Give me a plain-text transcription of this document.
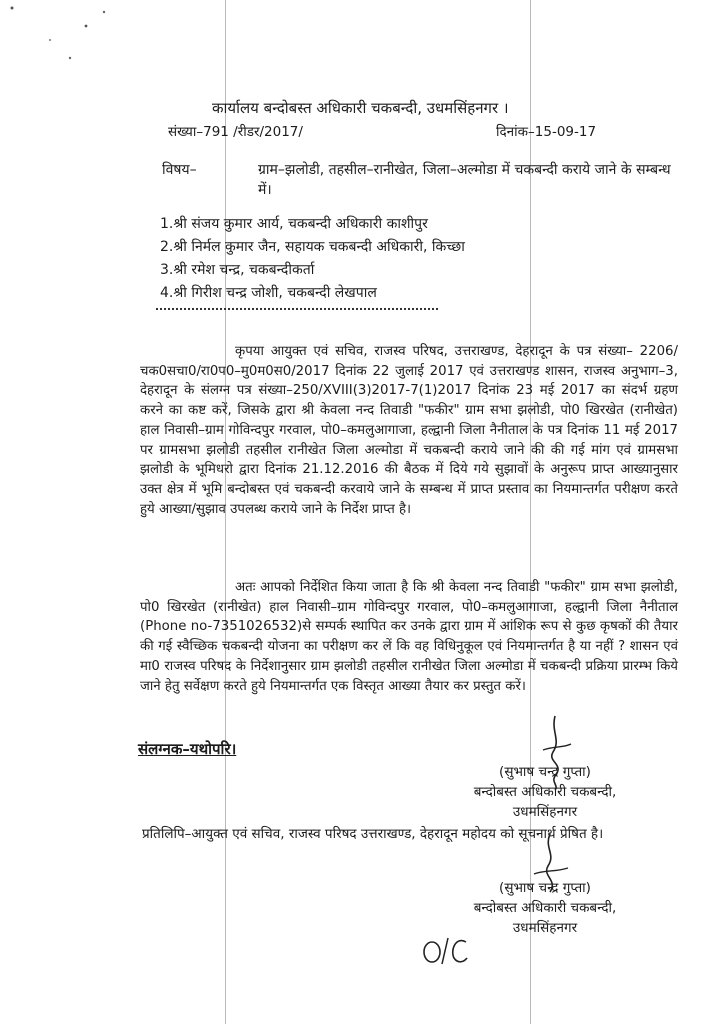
कार्यालय बन्दोबस्त अधिकारी चकबन्दी, उधमसिंहनगर ।
संख्या–791 /रीडर/2017/	दिनांक–15-09-17
विषय–	ग्राम–झलोडी, तहसील–रानीखेत, जिला–अल्मोडा में चकबन्दी कराये जाने के सम्बन्ध में।
1.श्री संजय कुमार आर्य, चकबन्दी अधिकारी काशीपुर
2.श्री निर्मल कुमार जैन, सहायक चकबन्दी अधिकारी, किच्छा
3.श्री रमेश चन्द्र, चकबन्दीकर्ता
4.श्री गिरीश चन्द्र जोशी, चकबन्दी लेखपाल
कृपया आयुक्त एवं सचिव, राजस्व परिषद, उत्तराखण्ड, देहरादून के पत्र संख्या– 2206/चक0सचा0/रा0प0–मु0म0स0/2017 दिनांक 22 जुलाई 2017 एवं उत्तराखण्ड शासन, राजस्व अनुभाग–3, देहरादून के संलग्न पत्र संख्या–250/XVIII(3)2017-7(1)2017 दिनांक 23 मई 2017 का संदर्भ ग्रहण करने का कष्ट करें, जिसके द्वारा श्री केवला नन्द तिवाडी "फकीर" ग्राम सभा झलोडी, पो0 खिरखेत (रानीखेत) हाल निवासी–ग्राम गोविन्दपुर गरवाल, पो0–कमलुआगाजा, हल्द्वानी जिला नैनीताल के पत्र दिनांक 11 मई 2017 पर ग्रामसभा झलोडी तहसील रानीखेत जिला अल्मोडा में चकबन्दी कराये जाने की की गई मांग एवं ग्रामसभा झलोडी के भूमिधरो द्वारा दिनांक 21.12.2016 की बैठक में दिये गये सुझावों के अनुरूप प्राप्त आख्यानुसार उक्त क्षेत्र में भूमि बन्दोबस्त एवं चकबन्दी करवाये जाने के सम्बन्ध में प्राप्त प्रस्ताव का नियमान्तर्गत परीक्षण करते हुये आख्या/सुझाव उपलब्ध कराये जाने के निर्देश प्राप्त है।
अतः आपको निर्देशित किया जाता है कि श्री केवला नन्द तिवाडी "फकीर" ग्राम सभा झलोडी, पो0 खिरखेत (रानीखेत) हाल निवासी–ग्राम गोविन्दपुर गरवाल, पो0–कमलुआगाजा, हल्द्वानी जिला नैनीताल (Phone no-7351026532)से सम्पर्क स्थापित कर उनके द्वारा ग्राम में आंशिक रूप से कुछ कृषकों की तैयार की गई स्वैच्छिक चकबन्दी योजना का परीक्षण कर लें कि वह विधिनुकूल एवं नियमान्तर्गत है या नहीं ? शासन एवं मा0 राजस्व परिषद के निर्देशानुसार ग्राम झलोडी तहसील रानीखेत जिला अल्मोडा में चकबन्दी प्रक्रिया प्रारम्भ किये जाने हेतु सर्वेक्षण करते हुये नियमान्तर्गत एक विस्तृत आख्या तैयार कर प्रस्तुत करें।
संलग्नक–यथोपरि।
(सुभाष चन्द्र गुप्ता)
बन्दोबस्त अधिकारी चकबन्दी,
उधमसिंहनगर
प्रतिलिपि–आयुक्त एवं सचिव, राजस्व परिषद उत्तराखण्ड, देहरादून महोदय को सूचनार्थ प्रेषित है।
(सुभाष चन्द्र गुप्ता)
बन्दोबस्त अधिकारी चकबन्दी,
उधमसिंहनगर
